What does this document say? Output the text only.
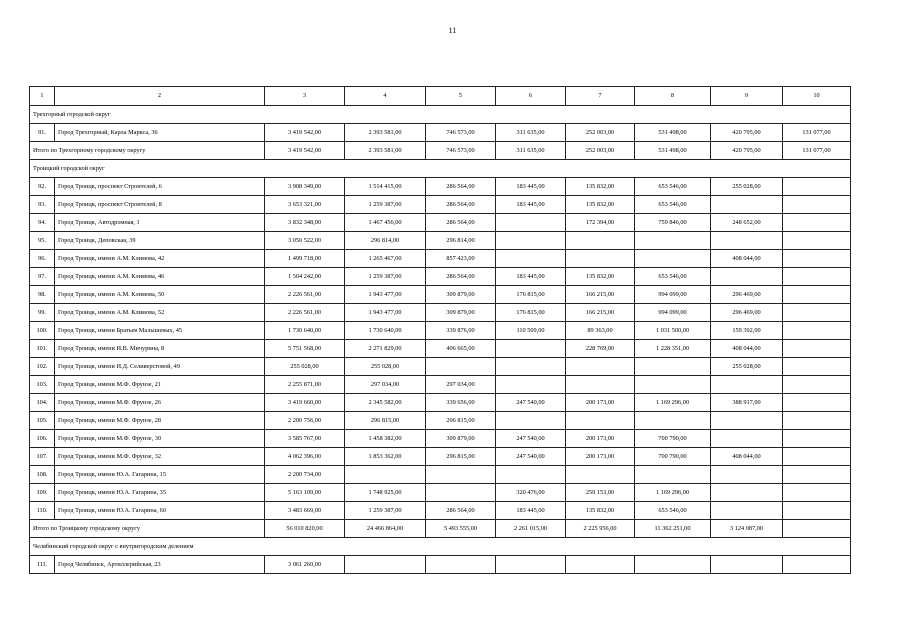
11
1	2	3	4	5	6	7	8	9	10
Трехгорный городской округ									
91.	Город Трехгорный, Карла Маркса, 36	3 419 542,00	2 393 581,00	746 573,00	311 635,00	252 003,00	531 498,00	420 795,00	131 077,00
Итого по Трехгорному городскому округу		3 419 542,00	2 393 581,00	746 573,00	311 635,00	252 003,00	531 498,00	420 795,00	131 077,00
Троицкий городской округ									
92.	Город Троицк, проспект Строителей, 6	3 908 349,00	1 514 415,00	286 564,00	183 445,00	135 832,00	653 546,00	255 028,00	
93.	Город Троицк, проспект Строителей, 8	3 653 321,00	1 259 387,00	286 564,00	183 445,00	135 832,00	653 546,00		
94.	Город Троицк, Автодромная, 1	3 832 348,00	1 467 456,00	286 564,00		172 394,00	759 846,00	248 652,00	
95.	Город Троицк, Деповская, 39	3 050 522,00	296 814,00	296 814,00					
96.	Город Троицк, имени А.М. Климова, 42	1 499 718,00	1 265 467,00	857 423,00				408 044,00	
97.	Город Троицк, имени А.М. Климова, 46	1 504 242,00	1 259 387,00	286 564,00	183 445,00	135 832,00	653 546,00		
98.	Город Троицк, имени А.М. Климова, 50	2 226 561,00	1 943 477,00	309 879,00	176 815,00	166 215,00	994 099,00	296 469,00	
99.	Город Троицк, имени А.М. Климова, 52	2 226 561,00	1 943 477,00	309 879,00	176 815,00	166 215,00	994 099,00	296 469,00	
100.	Город Троицк, имени Братьев Малышевых, 45	1 730 640,00	1 730 640,00	339 876,00	110 509,00	89 363,00	1 031 500,00	159 392,00	
101.	Город Троицк, имени И.В. Мичурина, 8	5 751 568,00	2 271 829,00	406 665,00		228 769,00	1 228 351,00	408 044,00	
102.	Город Троицк, имени И.Д. Селиверстовой, 49	255 028,00	255 028,00					255 028,00	
103.	Город Троицк, имени М.Ф. Фрунзе, 21	2 255 871,00	297 034,00	297 034,00					
104.	Город Троицк, имени М.Ф. Фрунзе, 26	3 419 660,00	2 345 582,00	339 656,00	247 540,00	200 173,00	1 169 296,00	388 917,00	
105.	Город Троицк, имени М.Ф. Фрунзе, 28	2 200 756,00	296 815,00	296 815,00					
106.	Город Троицк, имени М.Ф. Фрунзе, 30	3 585 767,00	1 458 382,00	309 879,00	247 540,00	200 173,00	700 790,00		
107.	Город Троицк, имени М.Ф. Фрунзе, 32	4 062 396,00	1 853 362,00	296 815,00	247 540,00	200 173,00	700 790,00	408 044,00	
108.	Город Троицк, имени Ю.А. Гагарина, 15	2 200 734,00							
109.	Город Троицк, имени Ю.А. Гагарина, 35	5 163 109,00	1 748 925,00		320 476,00	259 153,00	1 169 296,00		
110.	Город Троицк, имени Ю.А. Гагарина, 60	3 483 669,00	1 259 387,00	286 564,00	183 445,00	135 832,00	653 546,00		
Итого по Троицкому городскому округу		56 010 820,00	24 466 864,00	5 493 555,00	2 261 015,00	2 225 956,00	11 362 251,00	3 124 087,00	
Челябинский городской округ с внутригородским делением									
111.	Город Челябинск, Артиллерийская, 23	3 061 260,00							
